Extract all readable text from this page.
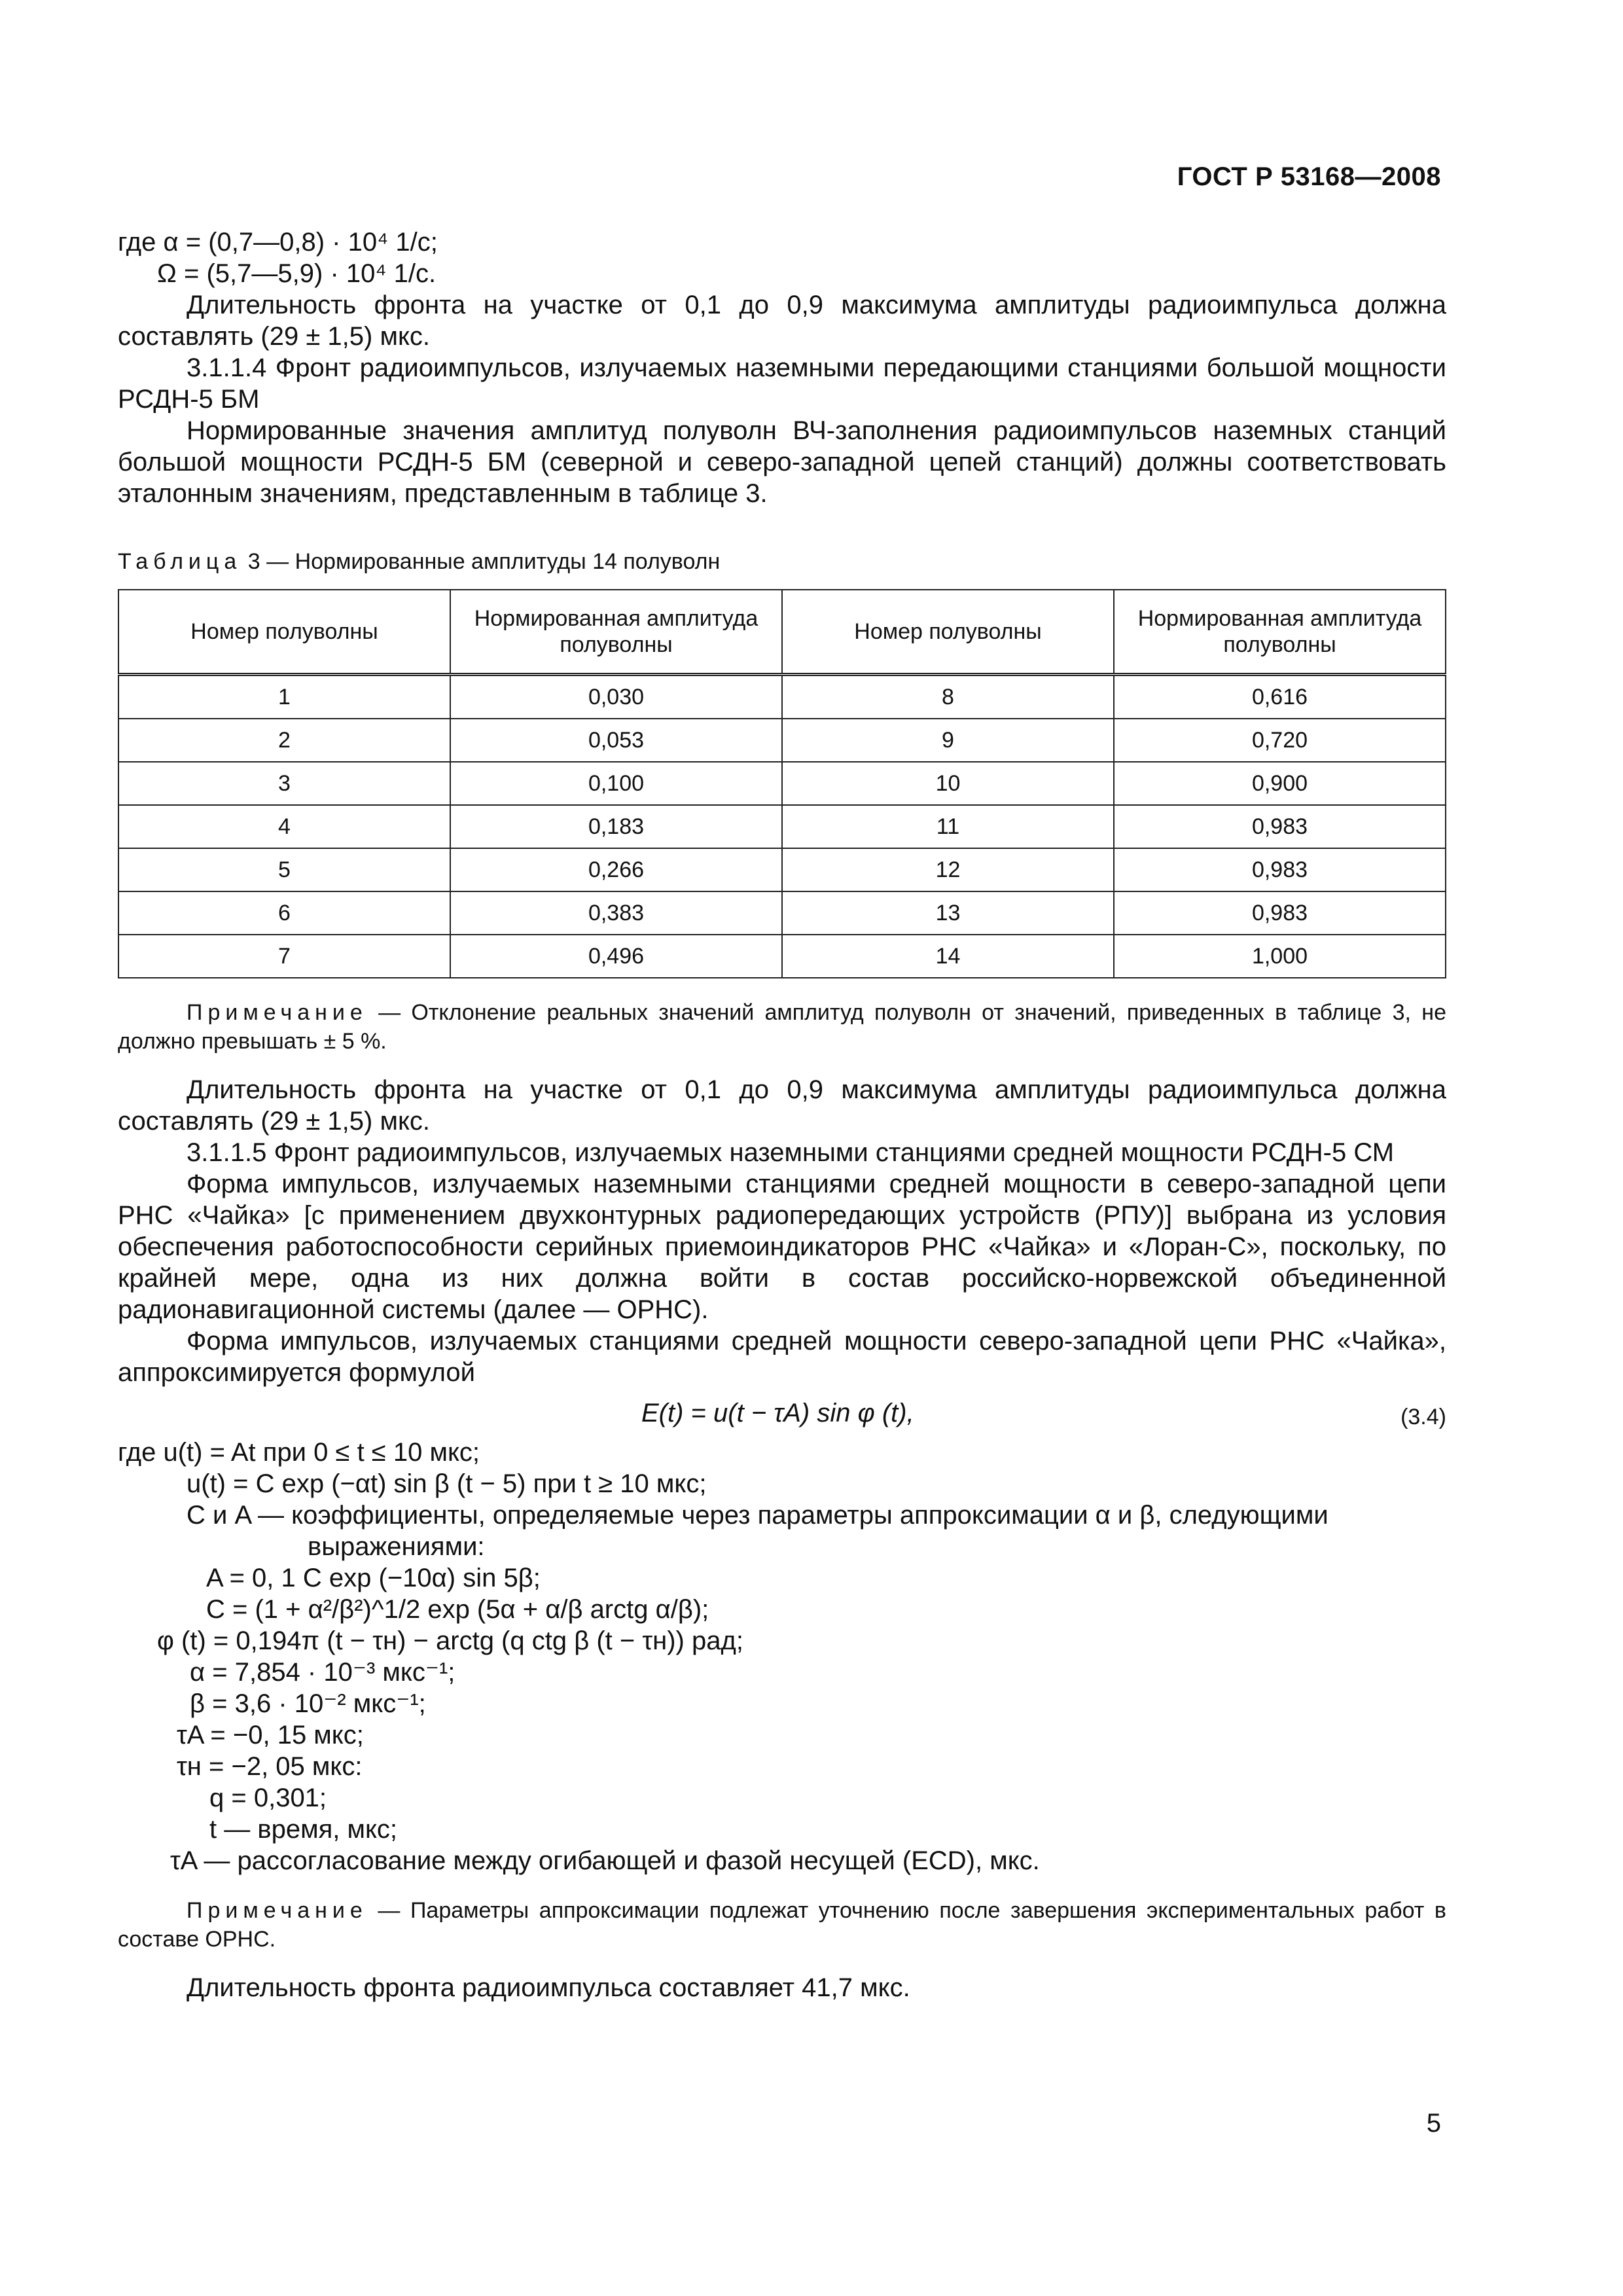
ГОСТ Р 53168—2008

где α = (0,7—0,8) · 10⁴ 1/с;

Ω = (5,7—5,9) · 10⁴ 1/с.

Длительность фронта на участке от 0,1 до 0,9 максимума амплитуды радиоимпульса должна составлять (29 ± 1,5) мкс.

3.1.1.4 Фронт радиоимпульсов, излучаемых наземными передающими станциями большой мощности РСДН-5 БМ

Нормированные значения амплитуд полуволн ВЧ-заполнения радиоимпульсов наземных станций большой мощности РСДН-5 БМ (северной и северо-западной цепей станций) должны соответствовать эталонным значениям, представленным в таблице 3.

Таблица 3 — Нормированные амплитуды 14 полуволн

Номер полуволны	Нормированная амплитуда полуволны	Номер полуволны	Нормированная амплитуда полуволны
1	0,030	8	0,616
2	0,053	9	0,720
3	0,100	10	0,900
4	0,183	11	0,983
5	0,266	12	0,983
6	0,383	13	0,983
7	0,496	14	1,000

Примечание — Отклонение реальных значений амплитуд полуволн от значений, приведенных в таблице 3, не должно превышать ± 5 %.

Длительность фронта на участке от 0,1 до 0,9 максимума амплитуды радиоимпульса должна составлять (29 ± 1,5) мкс.

3.1.1.5 Фронт радиоимпульсов, излучаемых наземными станциями средней мощности РСДН-5 СМ

Форма импульсов, излучаемых наземными станциями средней мощности в северо-западной цепи РНС «Чайка» [с применением двухконтурных радиопередающих устройств (РПУ)] выбрана из условия обеспечения работоспособности серийных приемоиндикаторов РНС «Чайка» и «Лоран-С», поскольку, по крайней мере, одна из них должна войти в состав российско-норвежской объединенной радионавигационной системы (далее — ОРНС).

Форма импульсов, излучаемых станциями средней мощности северо-западной цепи РНС «Чайка», аппроксимируется формулой

E(t) = u(t − τA) sin φ (t),	(3.4)

где u(t) = At при 0 ≤ t ≤ 10 мкс;

u(t) = C exp (−αt) sin β (t − 5) при t ≥ 10 мкс;

C и A — коэффициенты, определяемые через параметры аппроксимации α и β, следующими выражениями:

A = 0, 1 C exp (−10α) sin 5β;

C = (1 + α²/β²)^1/2 exp (5α + α/β arctg α/β);

φ (t) = 0,194π (t − τн) − arctg (q ctg β (t − τн)) рад;

α = 7,854 · 10⁻³ мкс⁻¹;

β = 3,6 · 10⁻² мкс⁻¹;

τA = −0, 15 мкс;

τн = −2, 05 мкс:

q = 0,301;

t — время, мкс;

τA — рассогласование между огибающей и фазой несущей (ECD), мкс.

Примечание — Параметры аппроксимации подлежат уточнению после завершения экспериментальных работ в составе ОРНС.

Длительность фронта радиоимпульса составляет 41,7 мкс.

5
